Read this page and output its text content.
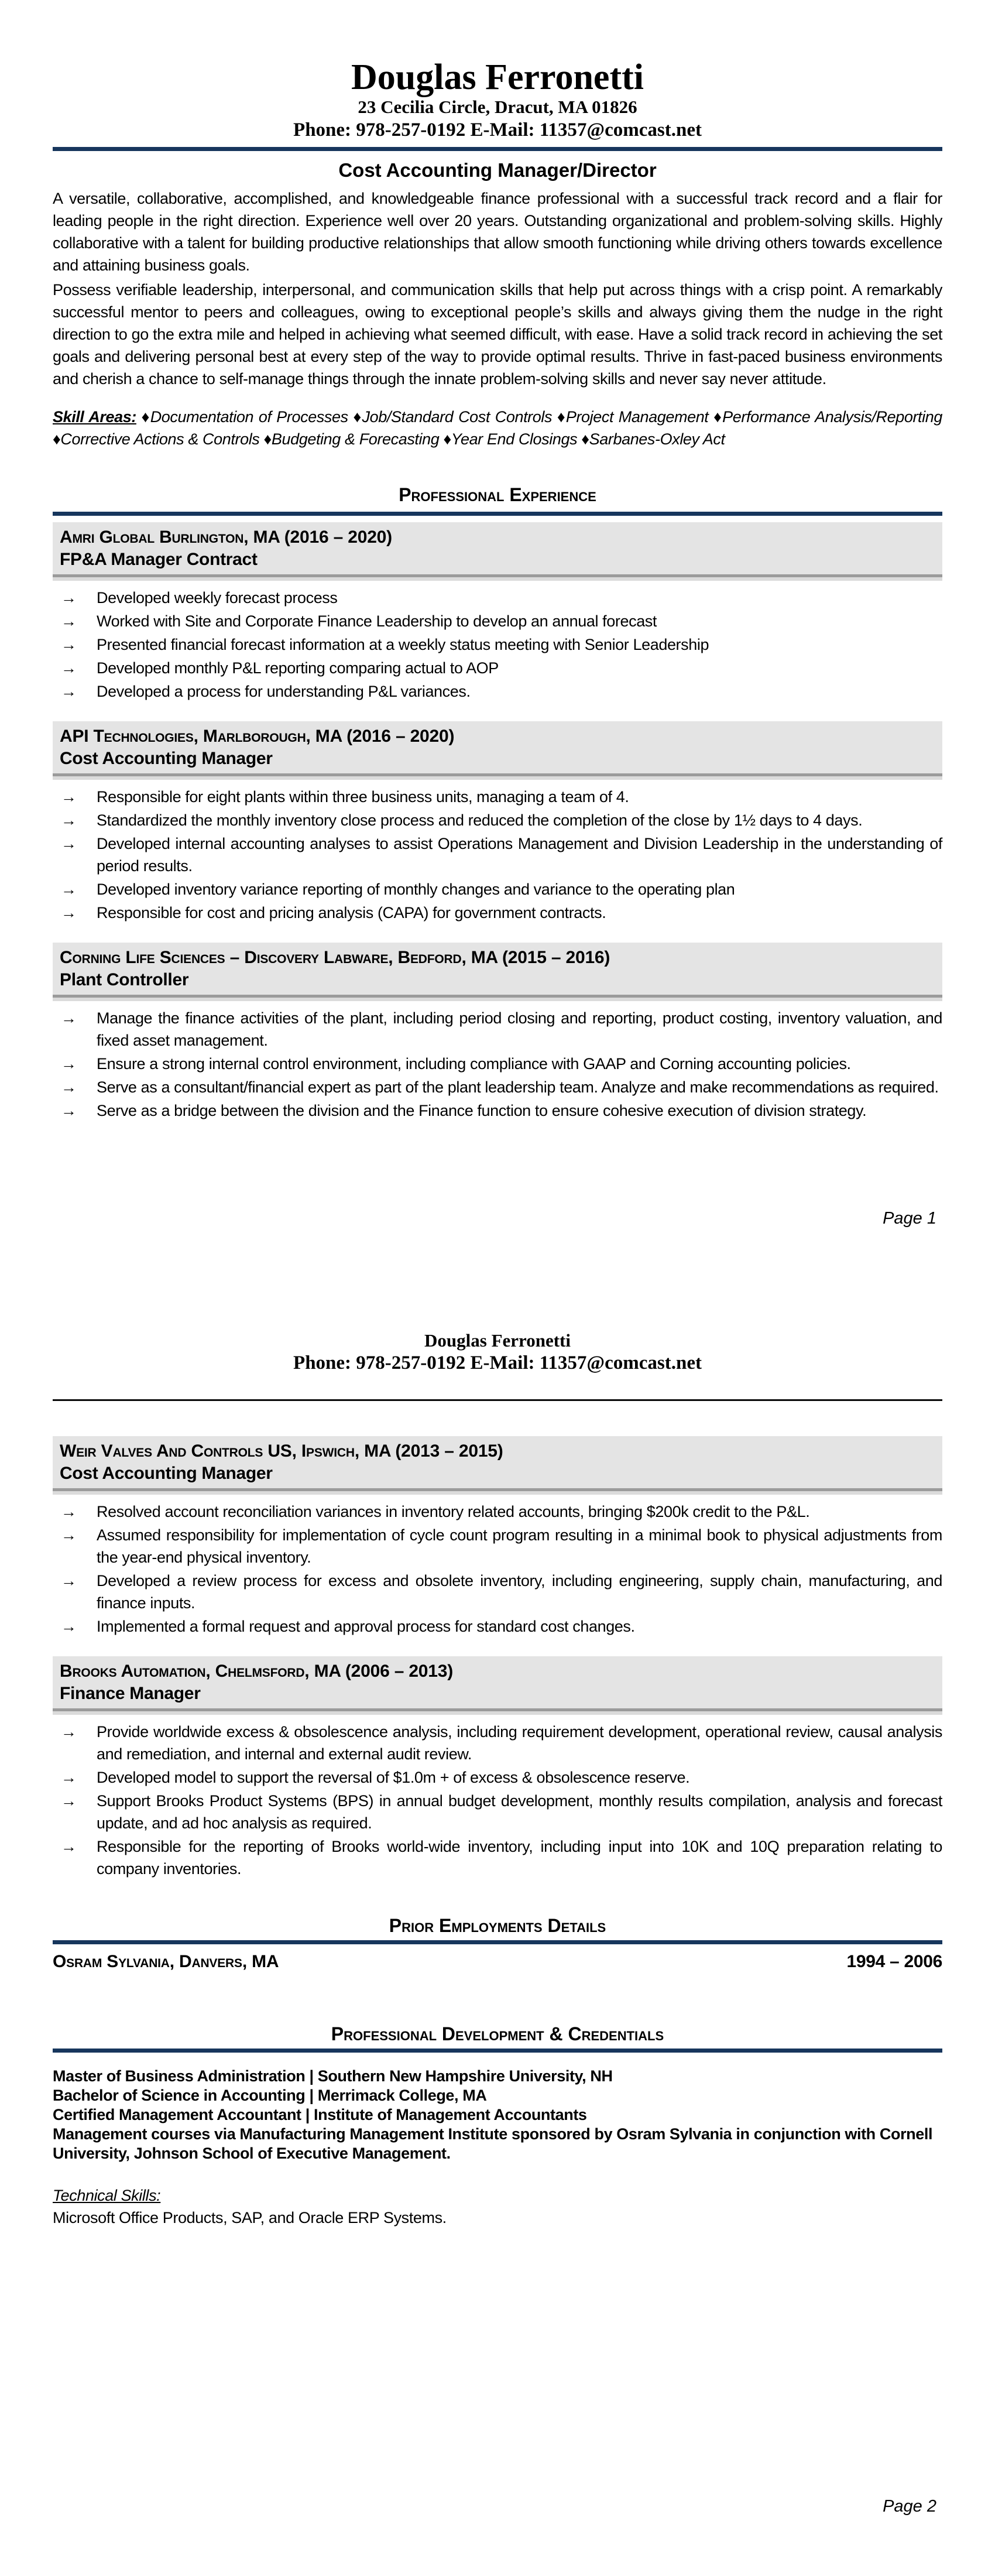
Douglas Ferronetti
23 Cecilia Circle, Dracut, MA 01826
Phone: 978-257-0192 E-Mail: 11357@comcast.net
Cost Accounting Manager/Director

A versatile, collaborative, accomplished, and knowledgeable finance professional with a successful track record and a flair for leading people in the right direction. Experience well over 20 years. Outstanding organizational and problem-solving skills. Highly collaborative with a talent for building productive relationships that allow smooth functioning while driving others towards excellence and attaining business goals.

Possess verifiable leadership, interpersonal, and communication skills that help put across things with a crisp point. A remarkably successful mentor to peers and colleagues, owing to exceptional people’s skills and always giving them the nudge in the right direction to go the extra mile and helped in achieving what seemed difficult, with ease. Have a solid track record in achieving the set goals and delivering personal best at every step of the way to provide optimal results. Thrive in fast-paced business environments and cherish a chance to self-manage things through the innate problem-solving skills and never say never attitude.

Skill Areas: ♦Documentation of Processes ♦Job/Standard Cost Controls ♦Project Management ♦Performance Analysis/Reporting ♦Corrective Actions & Controls ♦Budgeting & Forecasting ♦Year End Closings ♦Sarbanes-Oxley Act

Professional Experience
Amri Global Burlington, MA (2016 – 2020)
FP&A Manager Contract
→ Developed weekly forecast process
→ Worked with Site and Corporate Finance Leadership to develop an annual forecast
→ Presented financial forecast information at a weekly status meeting with Senior Leadership
→ Developed monthly P&L reporting comparing actual to AOP
→ Developed a process for understanding P&L variances.
API Technologies, Marlborough, MA (2016 – 2020)
Cost Accounting Manager
→ Responsible for eight plants within three business units, managing a team of 4.
→ Standardized the monthly inventory close process and reduced the completion of the close by 1½ days to 4 days.
→ Developed internal accounting analyses to assist Operations Management and Division Leadership in the understanding of period results.
→ Developed inventory variance reporting of monthly changes and variance to the operating plan
→ Responsible for cost and pricing analysis (CAPA) for government contracts.
Corning Life Sciences – Discovery Labware, Bedford, MA (2015 – 2016)
Plant Controller
→ Manage the finance activities of the plant, including period closing and reporting, product costing, inventory valuation, and fixed asset management.
→ Ensure a strong internal control environment, including compliance with GAAP and Corning accounting policies.
→ Serve as a consultant/financial expert as part of the plant leadership team. Analyze and make recommendations as required.
→ Serve as a bridge between the division and the Finance function to ensure cohesive execution of division strategy.
Page 1
Douglas Ferronetti
Phone: 978-257-0192 E-Mail: 11357@comcast.net
Weir Valves And Controls US, Ipswich, MA (2013 – 2015)
Cost Accounting Manager
→ Resolved account reconciliation variances in inventory related accounts, bringing $200k credit to the P&L.
→ Assumed responsibility for implementation of cycle count program resulting in a minimal book to physical adjustments from the year-end physical inventory.
→ Developed a review process for excess and obsolete inventory, including engineering, supply chain, manufacturing, and finance inputs.
→ Implemented a formal request and approval process for standard cost changes.
Brooks Automation, Chelmsford, MA (2006 – 2013)
Finance Manager
→ Provide worldwide excess & obsolescence analysis, including requirement development, operational review, causal analysis and remediation, and internal and external audit review.
→ Developed model to support the reversal of $1.0m + of excess & obsolescence reserve.
→ Support Brooks Product Systems (BPS) in annual budget development, monthly results compilation, analysis and forecast update, and ad hoc analysis as required.
→ Responsible for the reporting of Brooks world-wide inventory, including input into 10K and 10Q preparation relating to company inventories.
Prior Employments Details
Osram Sylvania, Danvers, MA	1994 – 2006
Professional Development & Credentials
Master of Business Administration | Southern New Hampshire University, NH
Bachelor of Science in Accounting | Merrimack College, MA
Certified Management Accountant | Institute of Management Accountants
Management courses via Manufacturing Management Institute sponsored by Osram Sylvania in conjunction with Cornell University, Johnson School of Executive Management.
Technical Skills:
Microsoft Office Products, SAP, and Oracle ERP Systems.
Page 2
